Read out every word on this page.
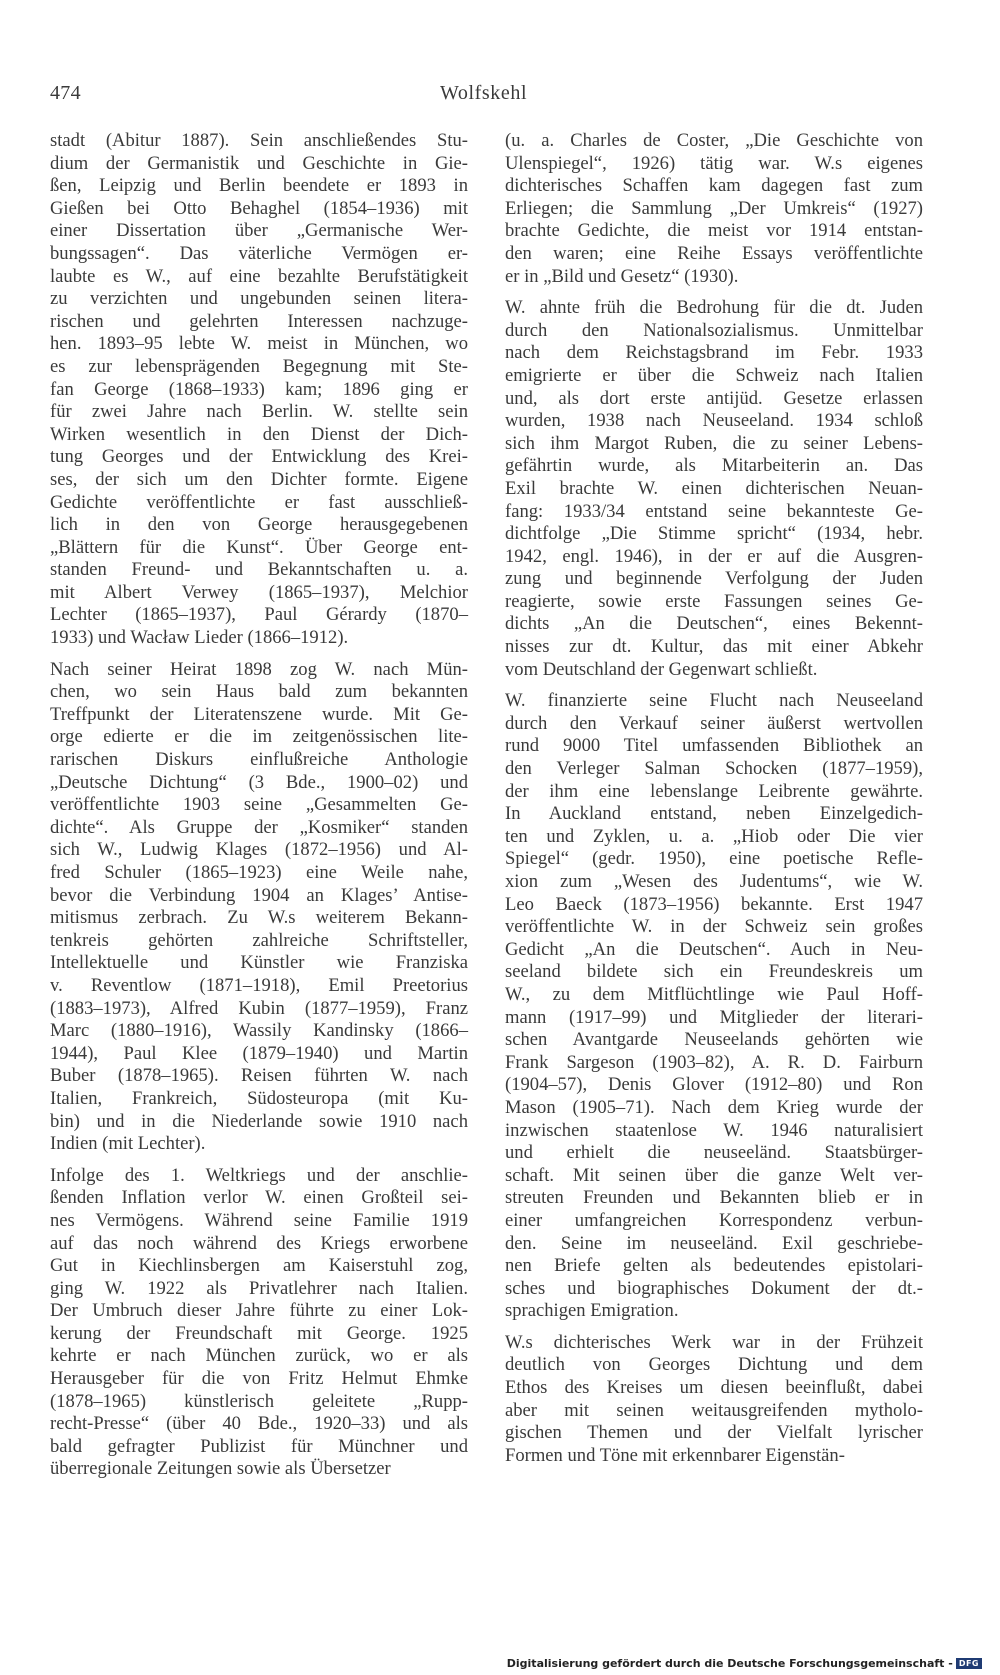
474	Wolfskehl
stadt (Abitur 1887). Sein anschließendes Stu-
dium der Germanistik und Geschichte in Gie-
ßen, Leipzig und Berlin beendete er 1893 in
Gießen bei Otto Behaghel (1854–1936) mit
einer Dissertation über „Germanische Wer-
bungssagen“. Das väterliche Vermögen er-
laubte es W., auf eine bezahlte Berufstätigkeit
zu verzichten und ungebunden seinen litera-
rischen und gelehrten Interessen nachzuge-
hen. 1893–95 lebte W. meist in München, wo
es zur lebensprägenden Begegnung mit Ste-
fan George (1868–1933) kam; 1896 ging er
für zwei Jahre nach Berlin. W. stellte sein
Wirken wesentlich in den Dienst der Dich-
tung Georges und der Entwicklung des Krei-
ses, der sich um den Dichter formte. Eigene
Gedichte veröffentlichte er fast ausschließ-
lich in den von George herausgegebenen
„Blättern für die Kunst“. Über George ent-
standen Freund- und Bekanntschaften u. a.
mit Albert Verwey (1865–1937), Melchior
Lechter (1865–1937), Paul Gérardy (1870–
1933) und Wacław Lieder (1866–1912).
Nach seiner Heirat 1898 zog W. nach Mün-
chen, wo sein Haus bald zum bekannten
Treffpunkt der Literatenszene wurde. Mit Ge-
orge edierte er die im zeitgenössischen lite-
rarischen Diskurs einflußreiche Anthologie
„Deutsche Dichtung“ (3 Bde., 1900–02) und
veröffentlichte 1903 seine „Gesammelten Ge-
dichte“. Als Gruppe der „Kosmiker“ standen
sich W., Ludwig Klages (1872–1956) und Al-
fred Schuler (1865–1923) eine Weile nahe,
bevor die Verbindung 1904 an Klages’ Antise-
mitismus zerbrach. Zu W.s weiterem Bekann-
tenkreis gehörten zahlreiche Schriftsteller,
Intellektuelle und Künstler wie Franziska
v. Reventlow (1871–1918), Emil Preetorius
(1883–1973), Alfred Kubin (1877–1959), Franz
Marc (1880–1916), Wassily Kandinsky (1866–
1944), Paul Klee (1879–1940) und Martin
Buber (1878–1965). Reisen führten W. nach
Italien, Frankreich, Südosteuropa (mit Ku-
bin) und in die Niederlande sowie 1910 nach
Indien (mit Lechter).
Infolge des 1. Weltkriegs und der anschlie-
ßenden Inflation verlor W. einen Großteil sei-
nes Vermögens. Während seine Familie 1919
auf das noch während des Kriegs erworbene
Gut in Kiechlinsbergen am Kaiserstuhl zog,
ging W. 1922 als Privatlehrer nach Italien.
Der Umbruch dieser Jahre führte zu einer Lok-
kerung der Freundschaft mit George. 1925
kehrte er nach München zurück, wo er als
Herausgeber für die von Fritz Helmut Ehmke
(1878–1965) künstlerisch geleitete „Rupp-
recht-Presse“ (über 40 Bde., 1920–33) und als
bald gefragter Publizist für Münchner und
überregionale Zeitungen sowie als Übersetzer
(u. a. Charles de Coster, „Die Geschichte von
Ulenspiegel“, 1926) tätig war. W.s eigenes
dichterisches Schaffen kam dagegen fast zum
Erliegen; die Sammlung „Der Umkreis“ (1927)
brachte Gedichte, die meist vor 1914 entstan-
den waren; eine Reihe Essays veröffentlichte
er in „Bild und Gesetz“ (1930).
W. ahnte früh die Bedrohung für die dt. Juden
durch den Nationalsozialismus. Unmittelbar
nach dem Reichstagsbrand im Febr. 1933
emigrierte er über die Schweiz nach Italien
und, als dort erste antijüd. Gesetze erlassen
wurden, 1938 nach Neuseeland. 1934 schloß
sich ihm Margot Ruben, die zu seiner Lebens-
gefährtin wurde, als Mitarbeiterin an. Das
Exil brachte W. einen dichterischen Neuan-
fang: 1933/34 entstand seine bekannteste Ge-
dichtfolge „Die Stimme spricht“ (1934, hebr.
1942, engl. 1946), in der er auf die Ausgren-
zung und beginnende Verfolgung der Juden
reagierte, sowie erste Fassungen seines Ge-
dichts „An die Deutschen“, eines Bekennt-
nisses zur dt. Kultur, das mit einer Abkehr
vom Deutschland der Gegenwart schließt.
W. finanzierte seine Flucht nach Neuseeland
durch den Verkauf seiner äußerst wertvollen
rund 9000 Titel umfassenden Bibliothek an
den Verleger Salman Schocken (1877–1959),
der ihm eine lebenslange Leibrente gewährte.
In Auckland entstand, neben Einzelgedich-
ten und Zyklen, u. a. „Hiob oder Die vier
Spiegel“ (gedr. 1950), eine poetische Refle-
xion zum „Wesen des Judentums“, wie W.
Leo Baeck (1873–1956) bekannte. Erst 1947
veröffentlichte W. in der Schweiz sein großes
Gedicht „An die Deutschen“. Auch in Neu-
seeland bildete sich ein Freundeskreis um
W., zu dem Mitflüchtlinge wie Paul Hoff-
mann (1917–99) und Mitglieder der literari-
schen Avantgarde Neuseelands gehörten wie
Frank Sargeson (1903–82), A. R. D. Fairburn
(1904–57), Denis Glover (1912–80) und Ron
Mason (1905–71). Nach dem Krieg wurde der
inzwischen staatenlose W. 1946 naturalisiert
und erhielt die neuseeländ. Staatsbürger-
schaft. Mit seinen über die ganze Welt ver-
streuten Freunden und Bekannten blieb er in
einer umfangreichen Korrespondenz verbun-
den. Seine im neuseeländ. Exil geschriebe-
nen Briefe gelten als bedeutendes epistolari-
sches und biographisches Dokument der dt.-
sprachigen Emigration.
W.s dichterisches Werk war in der Frühzeit
deutlich von Georges Dichtung und dem
Ethos des Kreises um diesen beeinflußt, dabei
aber mit seinen weitausgreifenden mytholo-
gischen Themen und der Vielfalt lyrischer
Formen und Töne mit erkennbarer Eigenstän-
Digitalisierung gefördert durch die Deutsche Forschungsgemeinschaft - DFG
